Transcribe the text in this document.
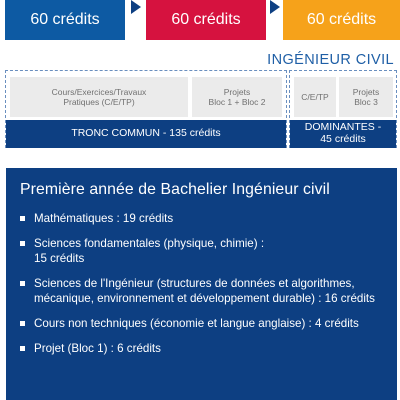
60 crédits	60 crédits	60 crédits
INGÉNIEUR CIVIL
Cours/Exercices/Travaux
Pratiques (C/E/TP)
Projets
Bloc 1 + Bloc 2
C/E/TP
Projets
Bloc 3
TRONC COMMUN - 135 crédits	DOMINANTES -
45 crédits
Première année de Bachelier Ingénieur civil
Mathématiques : 19 crédits
Sciences fondamentales (physique, chimie) :
15 crédits
Sciences de l'Ingénieur (structures de données et algorithmes, mécanique, environnement et développement durable) : 16 crédits
Cours non techniques (économie et langue anglaise) : 4 crédits
Projet (Bloc 1) : 6 crédits
